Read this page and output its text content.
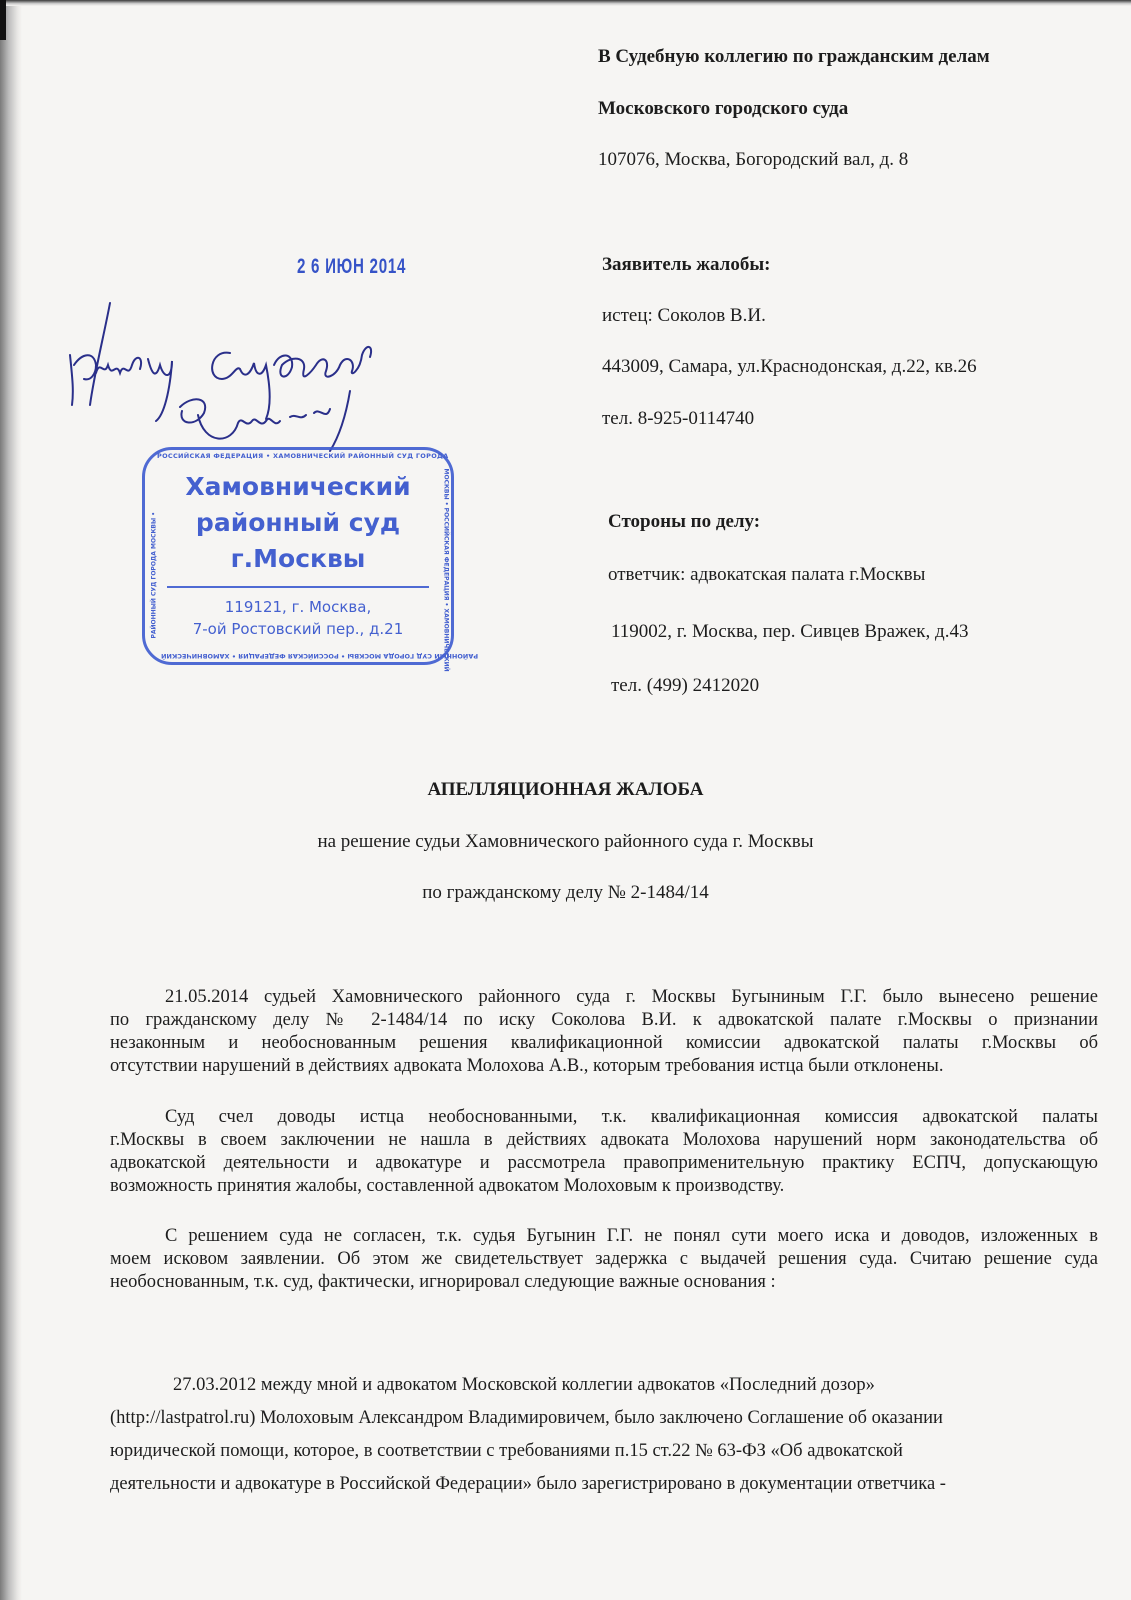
В Судебную коллегию по гражданским делам
Московского городского суда
107076, Москва, Богородский вал, д. 8
Заявитель жалобы:
истец: Соколов В.И.
443009, Самара, ул.Краснодонская, д.22, кв.26
тел. 8-925-0114740
Стороны по делу:
ответчик: адвокатская палата г.Москвы
119002, г. Москва, пер. Сивцев Вражек, д.43
тел. (499) 2412020
2 6 ИЮН 2014
РОССИЙСКАЯ ФЕДЕРАЦИЯ • ХАМОВНИЧЕСКИЙ РАЙОННЫЙ СУД ГОРОДА
МОСКВЫ • РОССИЙСКАЯ ФЕДЕРАЦИЯ • ХАМОВНИЧЕСКИЙ
РАЙОННЫЙ СУД ГОРОДА МОСКВЫ •
РАЙОННЫЙ СУД ГОРОДА МОСКВЫ • РОССИЙСКАЯ ФЕДЕРАЦИЯ • ХАМОВНИЧЕСКИЙ
Хамовнический
районный суд
г.Москвы
119121, г. Москва,
7-ой Ростовский пер., д.21
АПЕЛЛЯЦИОННАЯ ЖАЛОБА
на решение судьи Хамовнического районного суда г. Москвы
по гражданскому делу № 2-1484/14
21.05.2014 судьей Хамовнического районного суда г. Москвы Бугыниным Г.Г. было вынесено решение
по гражданскому делу № 2-1484/14 по иску Соколова В.И. к адвокатской палате г.Москвы о признании
незаконным и необоснованным решения квалификационной комиссии адвокатской палаты г.Москвы об
отсутствии нарушений в действиях адвоката Молохова А.В., которым требования истца были отклонены.
Суд счел доводы истца необоснованными, т.к. квалификационная комиссия адвокатской палаты
г.Москвы в своем заключении не нашла в действиях адвоката Молохова нарушений норм законодательства об
адвокатской деятельности и адвокатуре и рассмотрела правоприменительную практику ЕСПЧ, допускающую
возможность принятия жалобы, составленной адвокатом Молоховым к производству.
С решением суда не согласен, т.к. судья Бугынин Г.Г. не понял сути моего иска и доводов, изложенных в
моем исковом заявлении. Об этом же свидетельствует задержка с выдачей решения суда. Считаю решение суда
необоснованным, т.к. суд, фактически, игнорировал следующие важные основания :
27.03.2012 между мной и адвокатом Московской коллегии адвокатов «Последний дозор»
(http://lastpatrol.ru) Молоховым Александром Владимировичем, было заключено Соглашение об оказании
юридической помощи, которое, в соответствии с требованиями п.15 ст.22 № 63-ФЗ «Об адвокатской
деятельности и адвокатуре в Российской Федерации» было зарегистрировано в документации ответчика -
